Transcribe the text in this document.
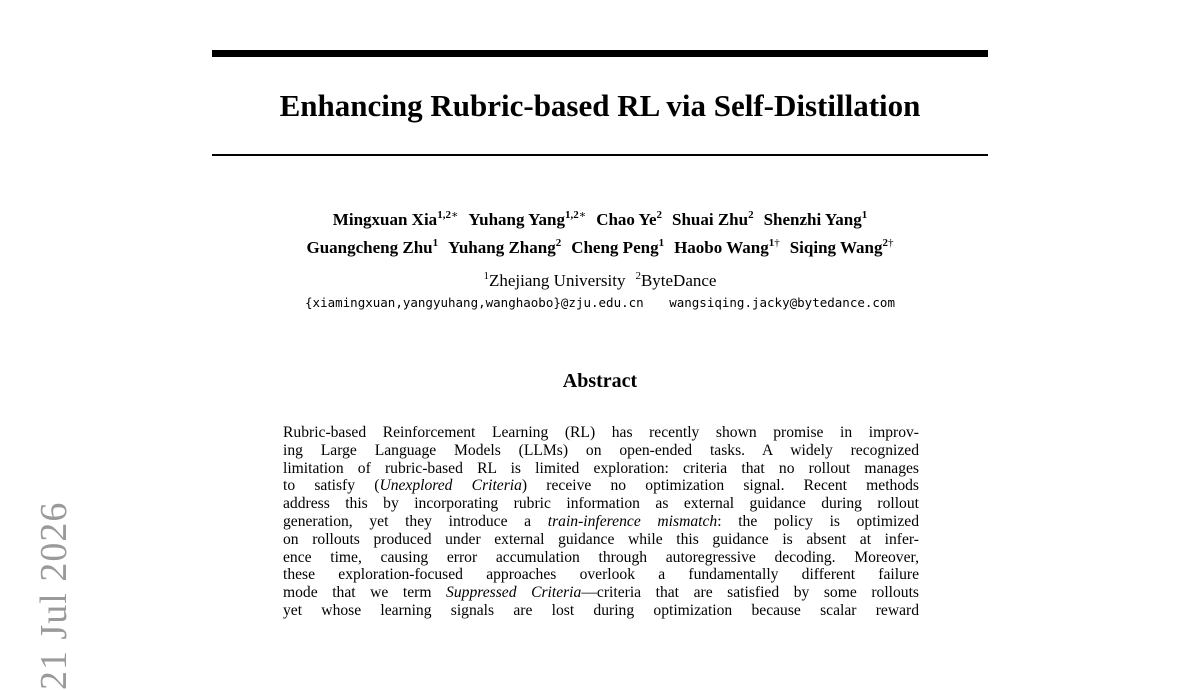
Enhancing Rubric-based RL via Self-Distillation
Mingxuan Xia$^{1,2∗}$ Yuhang Yang$^{1,2∗}$ Chao Ye$^2$ Shuai Zhu$^2$ Shenzhi Yang$^1$
Guangcheng Zhu$^1$ Yuhang Zhang$^2$ Cheng Peng$^1$ Haobo Wang$^{1\dagger}$ Siqing Wang$^{2\dagger}$
$^1$Zhejiang University $^2$ByteDance
{xiamingxuan,yangyuhang,wanghaobo}@zju.edu.cn wangsiqing.jacky@bytedance.com
Abstract
Rubric-based Reinforcement Learning (RL) has recently shown promise in improv-
ing Large Language Models (LLMs) on open-ended tasks. A widely recognized
limitation of rubric-based RL is limited exploration: criteria that no rollout manages
to satisfy (Unexplored Criteria) receive no optimization signal. Recent methods
address this by incorporating rubric information as external guidance during rollout
generation, yet they introduce a train-inference mismatch: the policy is optimized
on rollouts produced under external guidance while this guidance is absent at infer-
ence time, causing error accumulation through autoregressive decoding. Moreover,
these exploration-focused approaches overlook a fundamentally different failure
mode that we term Suppressed Criteria—criteria that are satisfied by some rollouts
yet whose learning signals are lost during optimization because scalar reward
21 Jul 2026
